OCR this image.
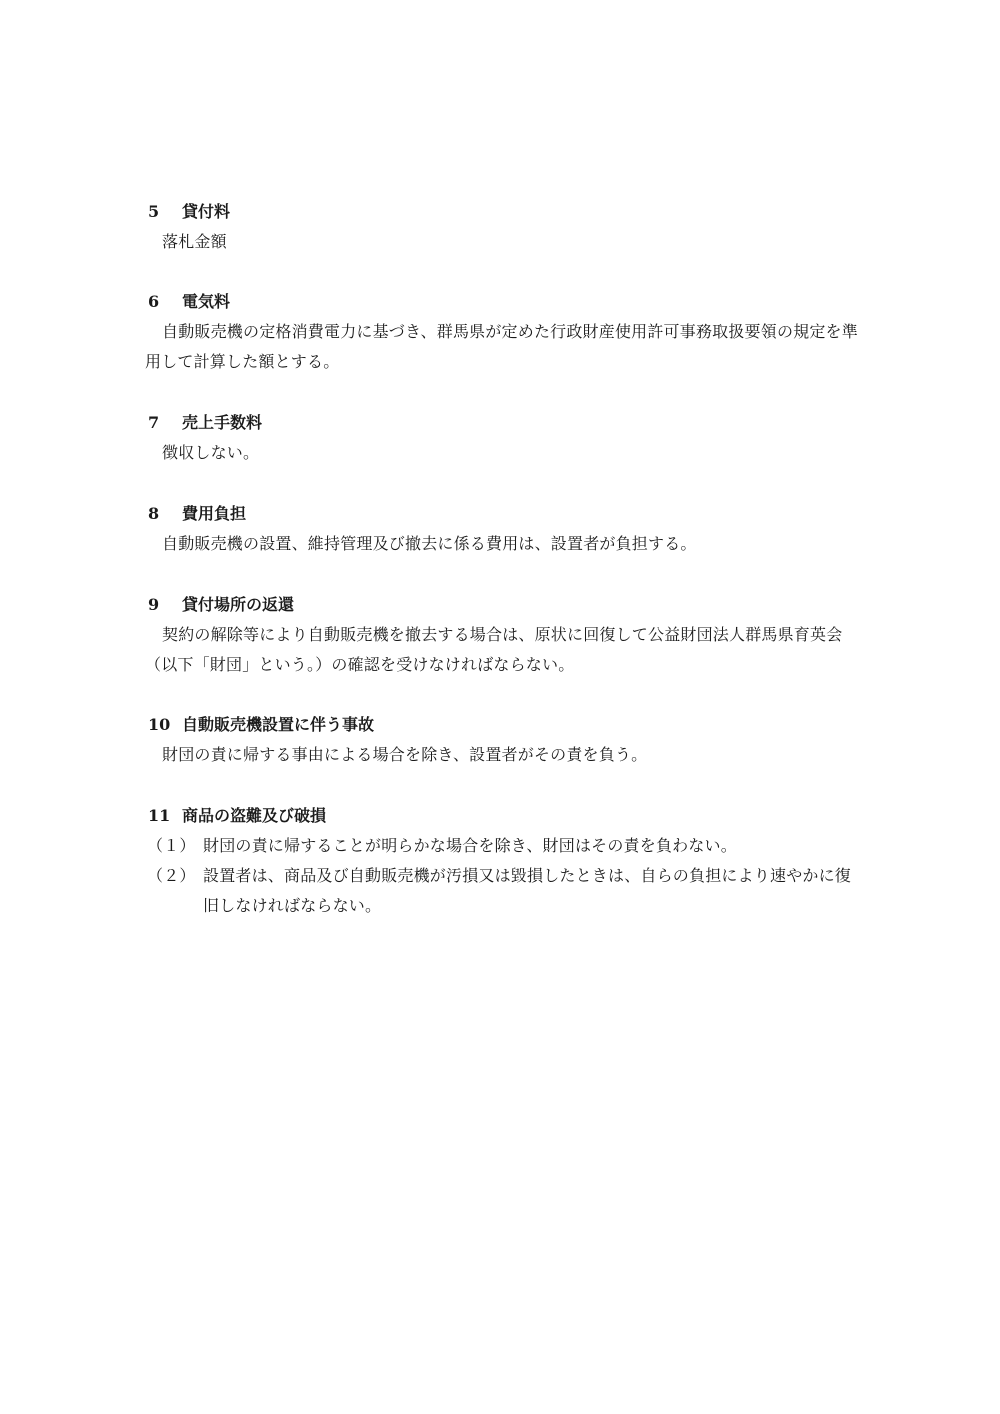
5 貸付料
落札金額
6 電気料
自動販売機の定格消費電力に基づき、群馬県が定めた行政財産使用許可事務取扱要領の規定を準用して計算した額とする。
7 売上手数料
徴収しない。
8 費用負担
自動販売機の設置、維持管理及び撤去に係る費用は、設置者が負担する。
9 貸付場所の返還
契約の解除等により自動販売機を撤去する場合は、原状に回復して公益財団法人群馬県育英会（以下「財団」という。）の確認を受けなければならない。
10 自動販売機設置に伴う事故
財団の責に帰する事由による場合を除き、設置者がその責を負う。
11 商品の盗難及び破損
（１） 財団の責に帰することが明らかな場合を除き、財団はその責を負わない。
（２） 設置者は、商品及び自動販売機が汚損又は毀損したときは、自らの負担により速やかに復旧しなければならない。
